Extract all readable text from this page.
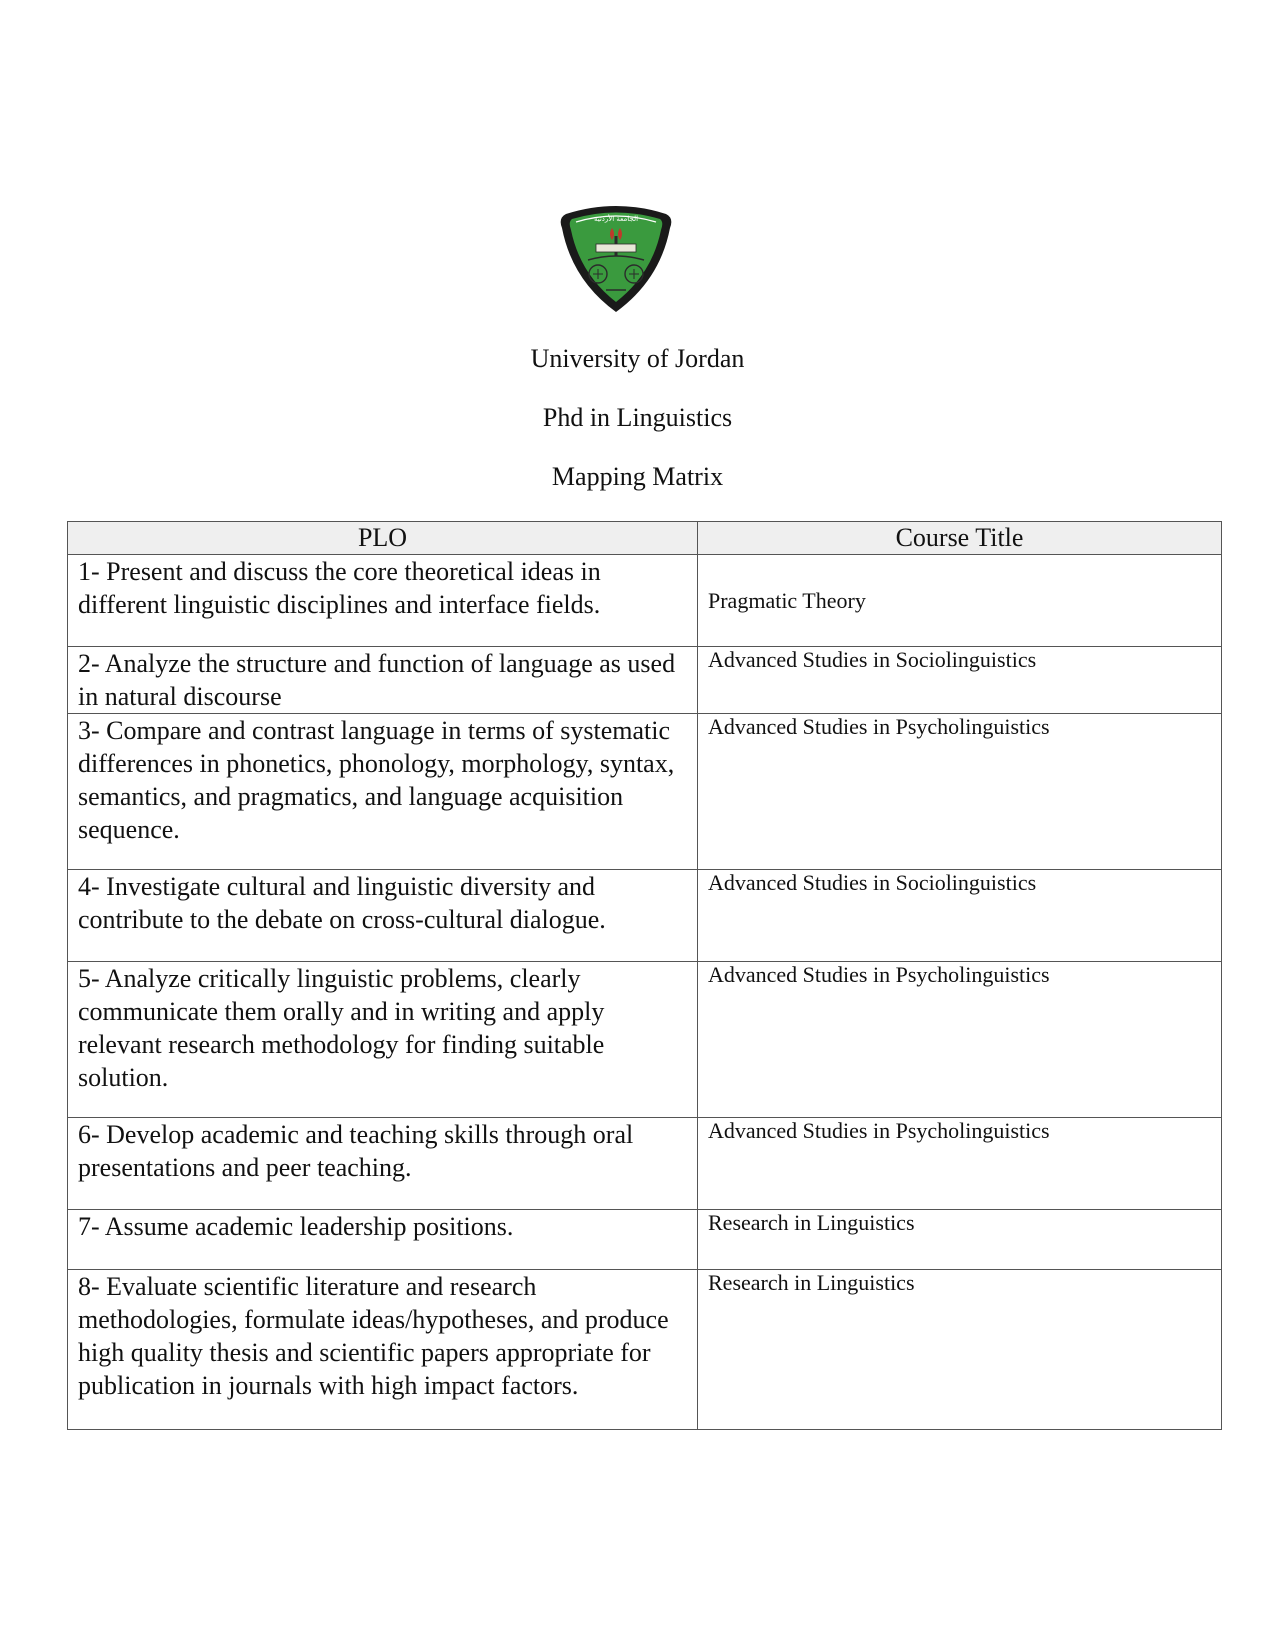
الجامعة الأردنية
University of Jordan
Phd in Linguistics
Mapping Matrix
PLO	Course Title
1- Present and discuss the core theoretical ideas in different linguistic disciplines and interface fields.	Pragmatic Theory
2- Analyze the structure and function of language as used in natural discourse	Advanced Studies in Sociolinguistics
3- Compare and contrast language in terms of systematic differences in phonetics, phonology, morphology, syntax, semantics, and pragmatics, and language acquisition sequence.	Advanced Studies in Psycholinguistics
4- Investigate cultural and linguistic diversity and contribute to the debate on cross-cultural dialogue.	Advanced Studies in Sociolinguistics
5- Analyze critically linguistic problems, clearly communicate them orally and in writing and apply relevant research methodology for finding suitable solution.	Advanced Studies in Psycholinguistics
6- Develop academic and teaching skills through oral presentations and peer teaching.	Advanced Studies in Psycholinguistics
7- Assume academic leadership positions.	Research in Linguistics
8- Evaluate scientific literature and research methodologies, formulate ideas/hypotheses, and produce high quality thesis and scientific papers appropriate for publication in journals with high impact factors.	Research in Linguistics
